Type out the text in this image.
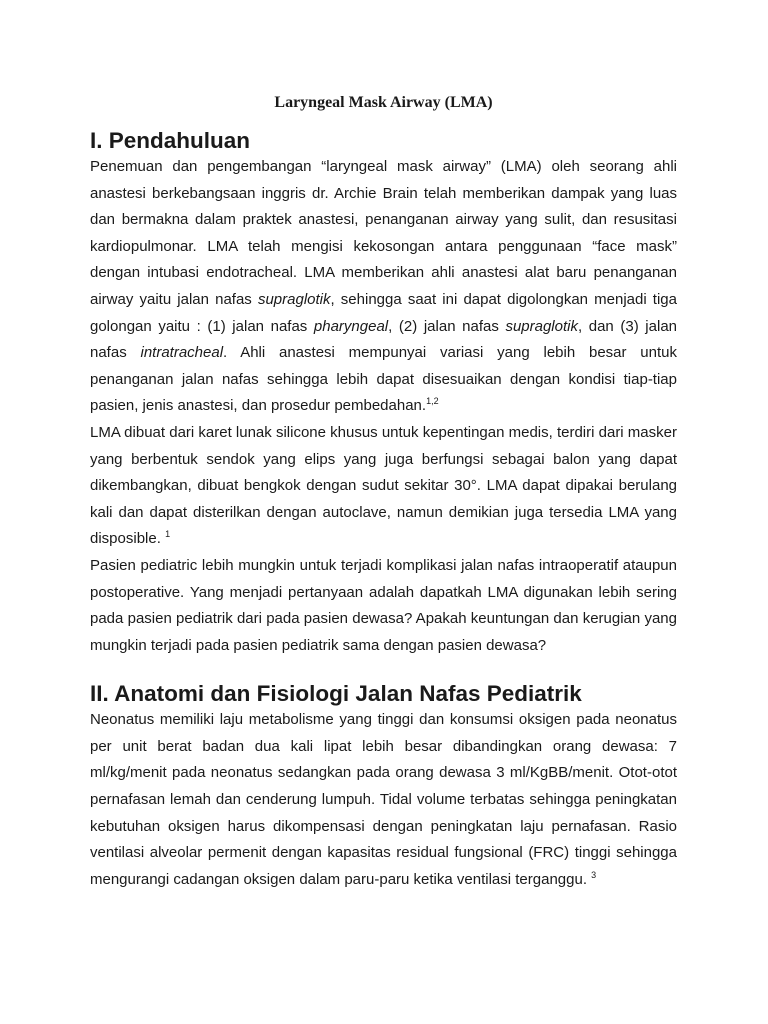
Laryngeal Mask Airway (LMA)
I. Pendahuluan

Penemuan dan pengembangan “laryngeal mask airway” (LMA) oleh seorang ahli anastesi berkebangsaan inggris dr. Archie Brain telah memberikan dampak yang luas dan bermakna dalam praktek anastesi, penanganan airway yang sulit, dan resusitasi kardiopulmonar. LMA telah mengisi kekosongan antara penggunaan “face mask” dengan intubasi endotracheal. LMA memberikan ahli anastesi alat baru penanganan airway yaitu jalan nafas supraglotik, sehingga saat ini dapat digolongkan menjadi tiga golongan yaitu : (1) jalan nafas pharyngeal, (2) jalan nafas supraglotik, dan (3) jalan nafas intratracheal. Ahli anastesi mempunyai variasi yang lebih besar untuk penanganan jalan nafas sehingga lebih dapat disesuaikan dengan kondisi tiap-tiap pasien, jenis anastesi, dan prosedur pembedahan.$^{1,2}$

LMA dibuat dari karet lunak silicone khusus untuk kepentingan medis, terdiri dari masker yang berbentuk sendok yang elips yang juga berfungsi sebagai balon yang dapat dikembangkan, dibuat bengkok dengan sudut sekitar 30°. LMA dapat dipakai berulang kali dan dapat disterilkan dengan autoclave, namun demikian juga tersedia LMA yang disposible. $^1$

Pasien pediatric lebih mungkin untuk terjadi komplikasi jalan nafas intraoperatif ataupun postoperative. Yang menjadi pertanyaan adalah dapatkah LMA digunakan lebih sering pada pasien pediatrik dari pada pasien dewasa? Apakah keuntungan dan kerugian yang mungkin terjadi pada pasien pediatrik sama dengan pasien dewasa?

II. Anatomi dan Fisiologi Jalan Nafas Pediatrik

Neonatus memiliki laju metabolisme yang tinggi dan konsumsi oksigen pada neonatus per unit berat badan dua kali lipat lebih besar dibandingkan orang dewasa: 7 ml/kg/menit pada neonatus sedangkan pada orang dewasa 3 ml/KgBB/menit. Otot-otot pernafasan lemah dan cenderung lumpuh. Tidal volume terbatas sehingga peningkatan kebutuhan oksigen harus dikompensasi dengan peningkatan laju pernafasan. Rasio ventilasi alveolar permenit dengan kapasitas residual fungsional (FRC) tinggi sehingga mengurangi cadangan oksigen dalam paru-paru ketika ventilasi terganggu. $^3$
